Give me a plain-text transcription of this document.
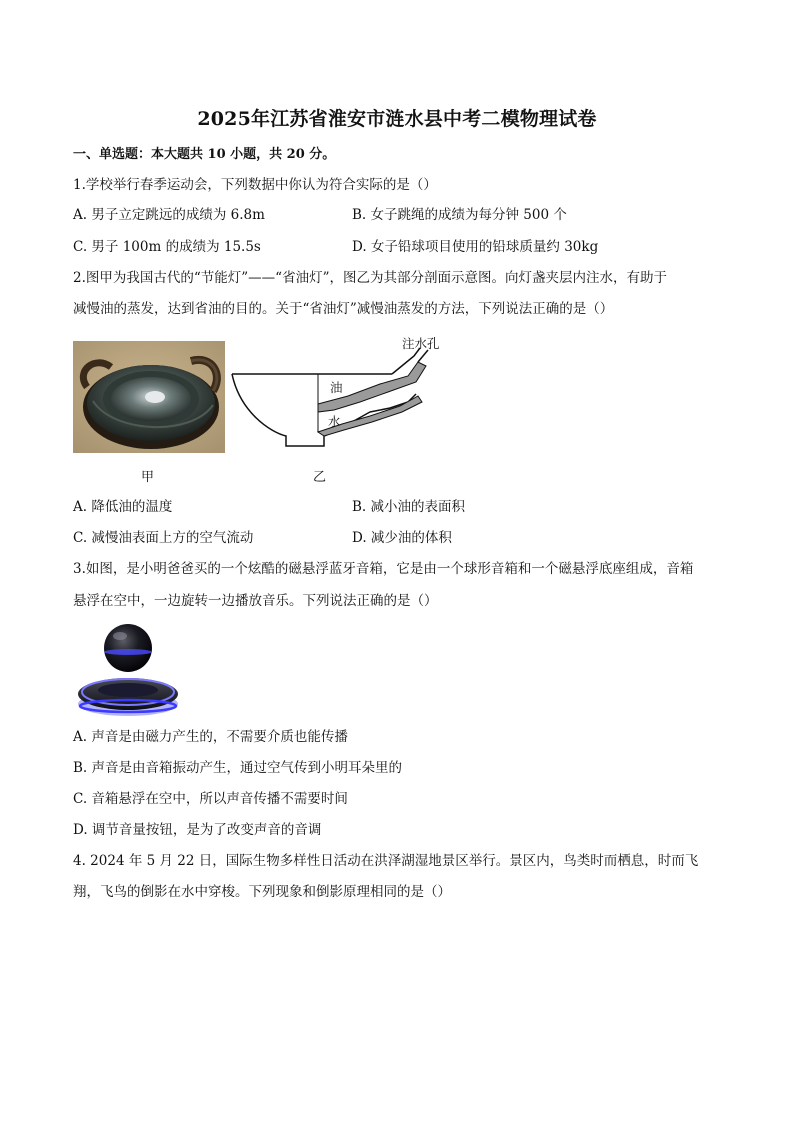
2025年江苏省淮安市涟水县中考二模物理试卷
一、单选题：本大题共 10 小题，共 20 分。
1.学校举行春季运动会，下列数据中你认为符合实际的是（）
A. 男子立定跳远的成绩为 6.8m	B. 女子跳绳的成绩为每分钟 500 个
C. 男子 100m 的成绩为 15.5s	D. 女子铅球项目使用的铅球质量约 30kg
2.图甲为我国古代的“节能灯”——“省油灯”，图乙为其部分剖面示意图。向灯盏夹层内注水，有助于
减慢油的蒸发，达到省油的目的。关于“省油灯”减慢油蒸发的方法，下列说法正确的是（）
注水孔
油
水
甲	乙
A. 降低油的温度	B. 减小油的表面积
C. 减慢油表面上方的空气流动	D. 减少油的体积
3.如图，是小明爸爸买的一个炫酷的磁悬浮蓝牙音箱，它是由一个球形音箱和一个磁悬浮底座组成，音箱
悬浮在空中，一边旋转一边播放音乐。下列说法正确的是（）
A. 声音是由磁力产生的，不需要介质也能传播
B. 声音是由音箱振动产生，通过空气传到小明耳朵里的
C. 音箱悬浮在空中，所以声音传播不需要时间
D. 调节音量按钮，是为了改变声音的音调
4. 2024 年 5 月 22 日，国际生物多样性日活动在洪泽湖湿地景区举行。景区内，鸟类时而栖息，时而飞
翔，飞鸟的倒影在水中穿梭。下列现象和倒影原理相同的是（）
